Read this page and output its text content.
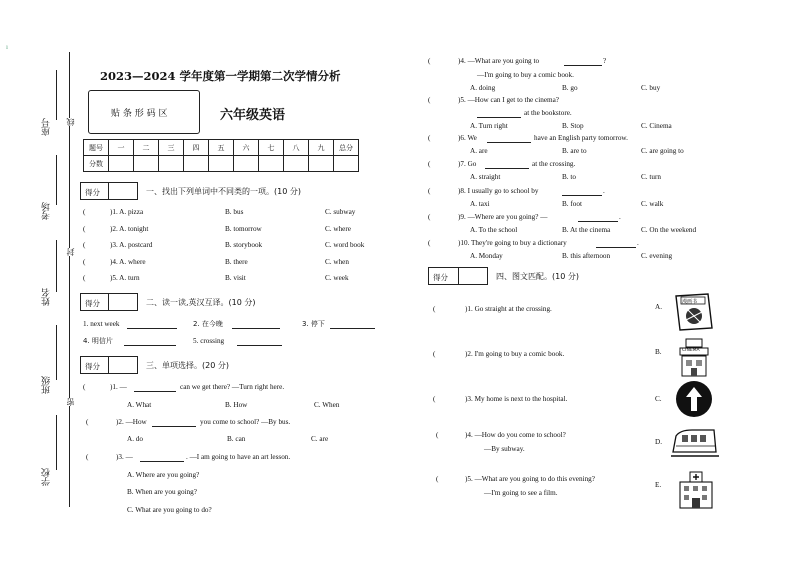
ı
座号
考场
姓名
班级
学校
线
封
密
2023—2024 学年度第一学期第二次学情分析
贴 条 形 码 区	六年级英语
题号	一	二	三	四	五	六	七	八	九	总分
分数										
得分	一、找出下列单词中不同类的一项。(10 分)
(	)1. A. pizza	B. bus	C. subway
(	)2. A. tonight	B. tomorrow	C. where
(	)3. A. postcard	B. storybook	C. word book
(	)4. A. where	B. there	C. when
(	)5. A. turn	B. visit	C. week
得分	二、读一读,英汉互译。(10 分)
1. next week	2. 在今晚	3. 停下
4. 明信片	5. crossing
得分	三、单项选择。(20 分)
(	)1. —	can we get there? —Turn right here.
A. What	B. How	C. When
(	)2. —How	you come to school? —By bus.
A. do	B. can	C. are
(	)3. —	. —I am going to have an art lesson.
A. Where are you going?
B. When are you going?
C. What are you going to do?
(	)4. —What are you going to	?
—I'm going to buy a comic book.
A. doing	B. go	C. buy
(	)5. —How can I get to the cinema?
at the bookstore.
A. Turn right	B. Stop	C. Cinema
(	)6. We	have an English party tomorrow.
A. are	B. are to	C. are going to
(	)7. Go	at the crossing.
A. straight	B. to	C. turn
(	)8. I usually go to school by	.
A. taxi	B. foot	C. walk
(	)9. —Where are you going? —	.
A. To the school	B. At the cinema	C. On the weekend
(	)10. They're going to buy a dictionary	.
A. Monday	B. this afternoon	C. evening
得分	四、图文匹配。(10 分)
(	)1. Go straight at the crossing.
(	)2. I'm going to buy a comic book.
(	)3. My home is next to the hospital.
(	)4. —How do you come to school?
—By subway.
(	)5. —What are you going to do this evening?
—I'm going to see a film.
A.
B.
C.
D.
E.
漫画书
CINEMA
